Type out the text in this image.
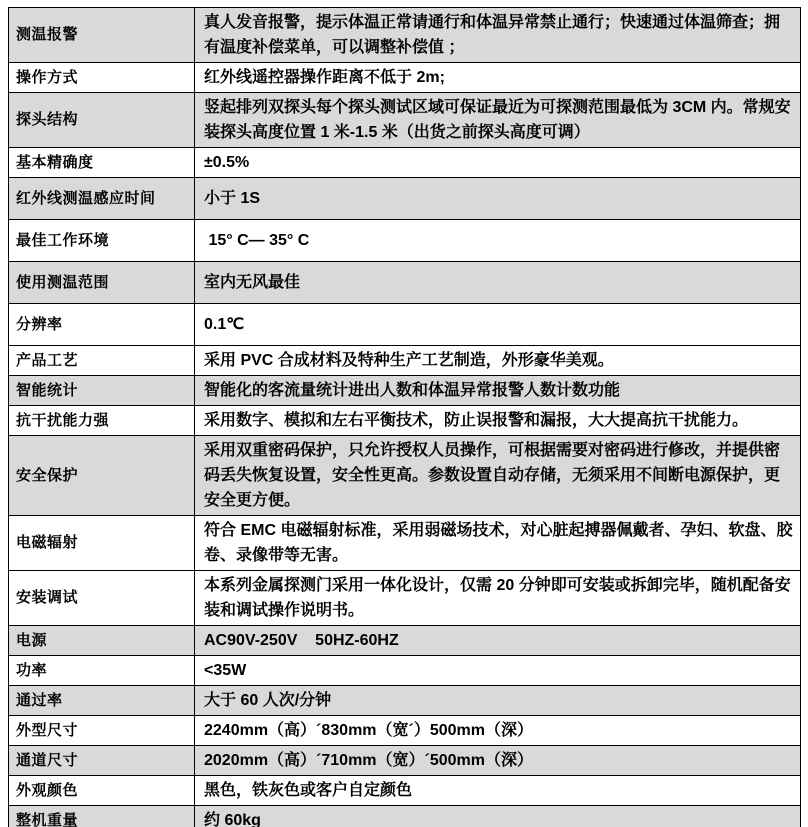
测温报警	真人发音报警，提示体温正常请通行和体温异常禁止通行；快速通过体温筛查；拥有温度补偿菜单，可以调整补偿值 ；
操作方式	红外线遥控器操作距离不低于 2m;
探头结构	竖起排列双探头每个探头测试区域可保证最近为可探测范围最低为 3CM 内。常规安装探头高度位置 1 米-1.5 米（出货之前探头高度可调）
基本精确度	±0.5%
红外线测温感应时间	小于 1S
最佳工作环境	15° C— 35° C
使用测温范围	室内无风最佳
分辨率	0.1℃
产品工艺	采用 PVC 合成材料及特种生产工艺制造，外形豪华美观。
智能统计	智能化的客流量统计进出人数和体温异常报警人数计数功能
抗干扰能力强	采用数字、模拟和左右平衡技术，防止误报警和漏报，大大提高抗干扰能力。
安全保护	采用双重密码保护，只允许授权人员操作，可根据需要对密码进行修改，并提供密码丢失恢复设置，安全性更高。参数设置自动存储，无须采用不间断电源保护，更安全更方便。
电磁辐射	符合 EMC 电磁辐射标准，采用弱磁场技术，对心脏起搏器佩戴者、孕妇、软盘、胶卷、录像带等无害。
安装调试	本系列金属探测门采用一体化设计，仅需 20 分钟即可安装或拆卸完毕，随机配备安装和调试操作说明书。
电源	AC90V-250V    50HZ-60HZ
功率	<35W
通过率	大于 60 人次/分钟
外型尺寸	2240mm（高）´830mm（宽´）500mm（深）
通道尺寸	2020mm（高）´710mm（宽）´500mm（深）
外观颜色	黑色，铁灰色或客户自定颜色
整机重量	约 60kg
